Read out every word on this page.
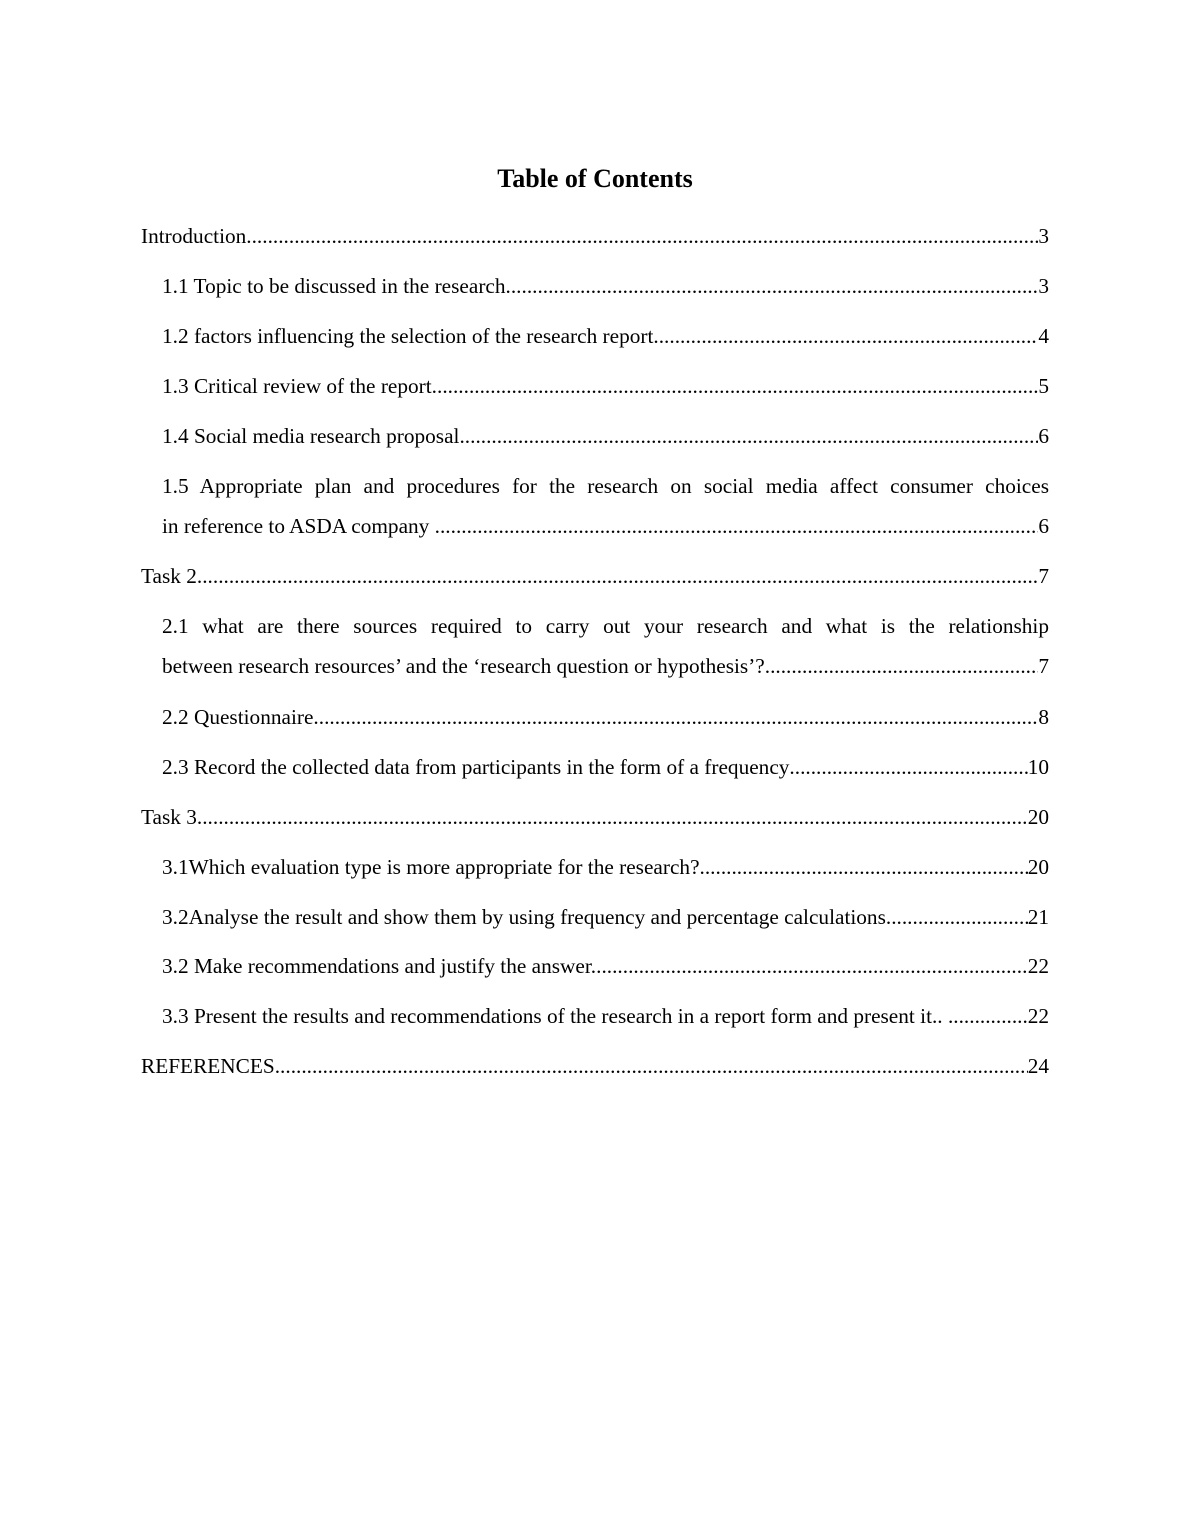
Table of Contents
Introduction .....	3
1.1 Topic to be discussed in the research .....	3
1.2 factors influencing the selection of the research report .....	4
1.3 Critical review of the report .....	5
1.4 Social media research proposal .....	6
1.5 Appropriate plan and procedures for the research on social media affect consumer choices
in reference to ASDA company . .....	6
Task 2 .....	7
2.1 what are there sources required to carry out your research and what is the relationship
between research resources’ and the ‘research question or hypothesis’? .....	7
2.2 Questionnaire .....	8
2.3 Record the collected data from participants in the form of a frequency .....	10
Task 3 .....	20
3.1Which evaluation type is more appropriate for the research? .....	20
3.2Analyse the result and show them by using frequency and percentage calculations .....	21
3.2 Make recommendations and justify the answer. .....	22
3.3 Present the results and recommendations of the research in a report form and present it.. . .....	22
REFERENCES .....	24
